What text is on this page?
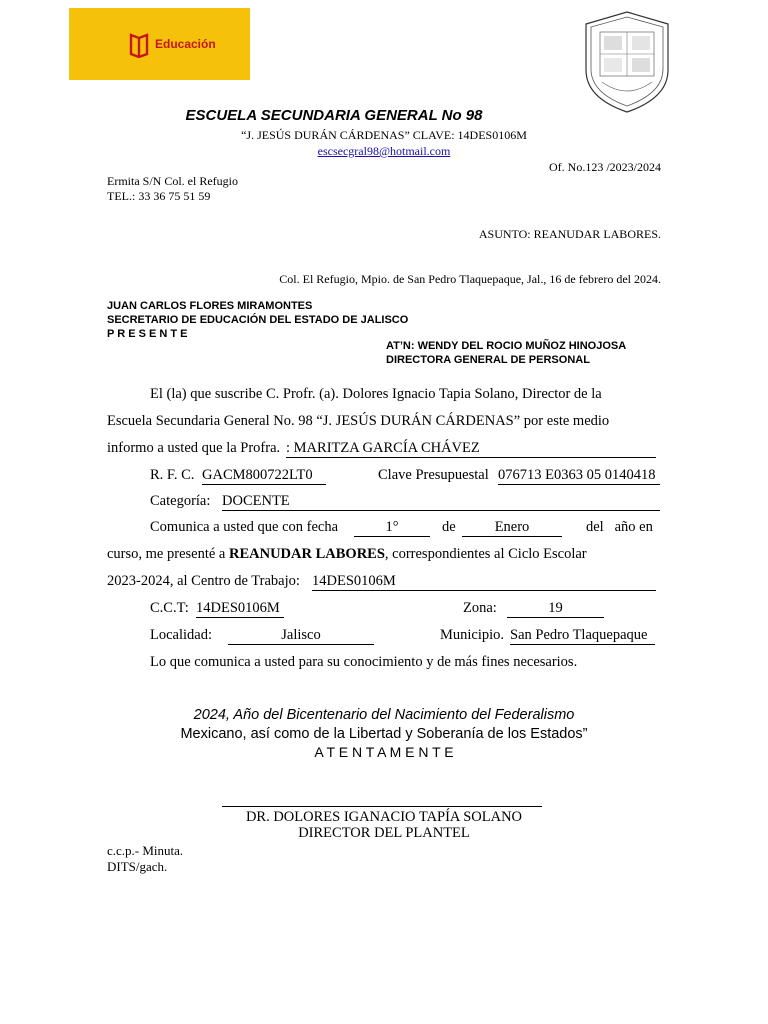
Educación
ESCUELA SECUNDARIA GENERAL No 98
“J. JESÚS DURÁN CÁRDENAS” CLAVE: 14DES0106M
escsecgral98@hotmail.com
Of. No.123 /2023/2024
Ermita S/N Col. el Refugio
TEL.: 33 36 75 51 59
ASUNTO: REANUDAR LABORES.
Col. El Refugio, Mpio. de San Pedro Tlaquepaque, Jal., 16 de febrero del 2024.
JUAN CARLOS FLORES MIRAMONTES
SECRETARIO DE EDUCACIÓN DEL ESTADO DE JALISCO
P R E S E N T E
AT’N: WENDY DEL ROCIO MUÑOZ HINOJOSA
DIRECTORA GENERAL DE PERSONAL
El (la) que suscribe C. Profr. (a). Dolores Ignacio Tapia Solano, Director de la
Escuela Secundaria General No. 98 “J. JESÚS DURÁN CÁRDENAS” por este medio
informo a usted que la Profra. : MARITZA GARCÍA CHÁVEZ
R. F. C. GACM800722LT0	Clave Presupuestal 076713 E0363 05 0140418
Categoría: DOCENTE
Comunica a usted que con fecha	1°	de	Enero	del   año en
curso, me presenté a REANUDAR LABORES, correspondientes al Ciclo Escolar
2023-2024, al Centro de Trabajo: 14DES0106M
C.C.T: 14DES0106M	Zona:	19
Localidad:	Jalisco	Municipio. San Pedro Tlaquepaque
Lo que comunica a usted para su conocimiento y de más fines necesarios.
2024, Año del Bicentenario del Nacimiento del Federalismo
Mexicano, así como de la Libertad y Soberanía de los Estados”
A T E N T A M E N T E
DR. DOLORES IGANACIO TAPÍA SOLANO
DIRECTOR DEL PLANTEL
c.c.p.- Minuta.
DITS/gach.
